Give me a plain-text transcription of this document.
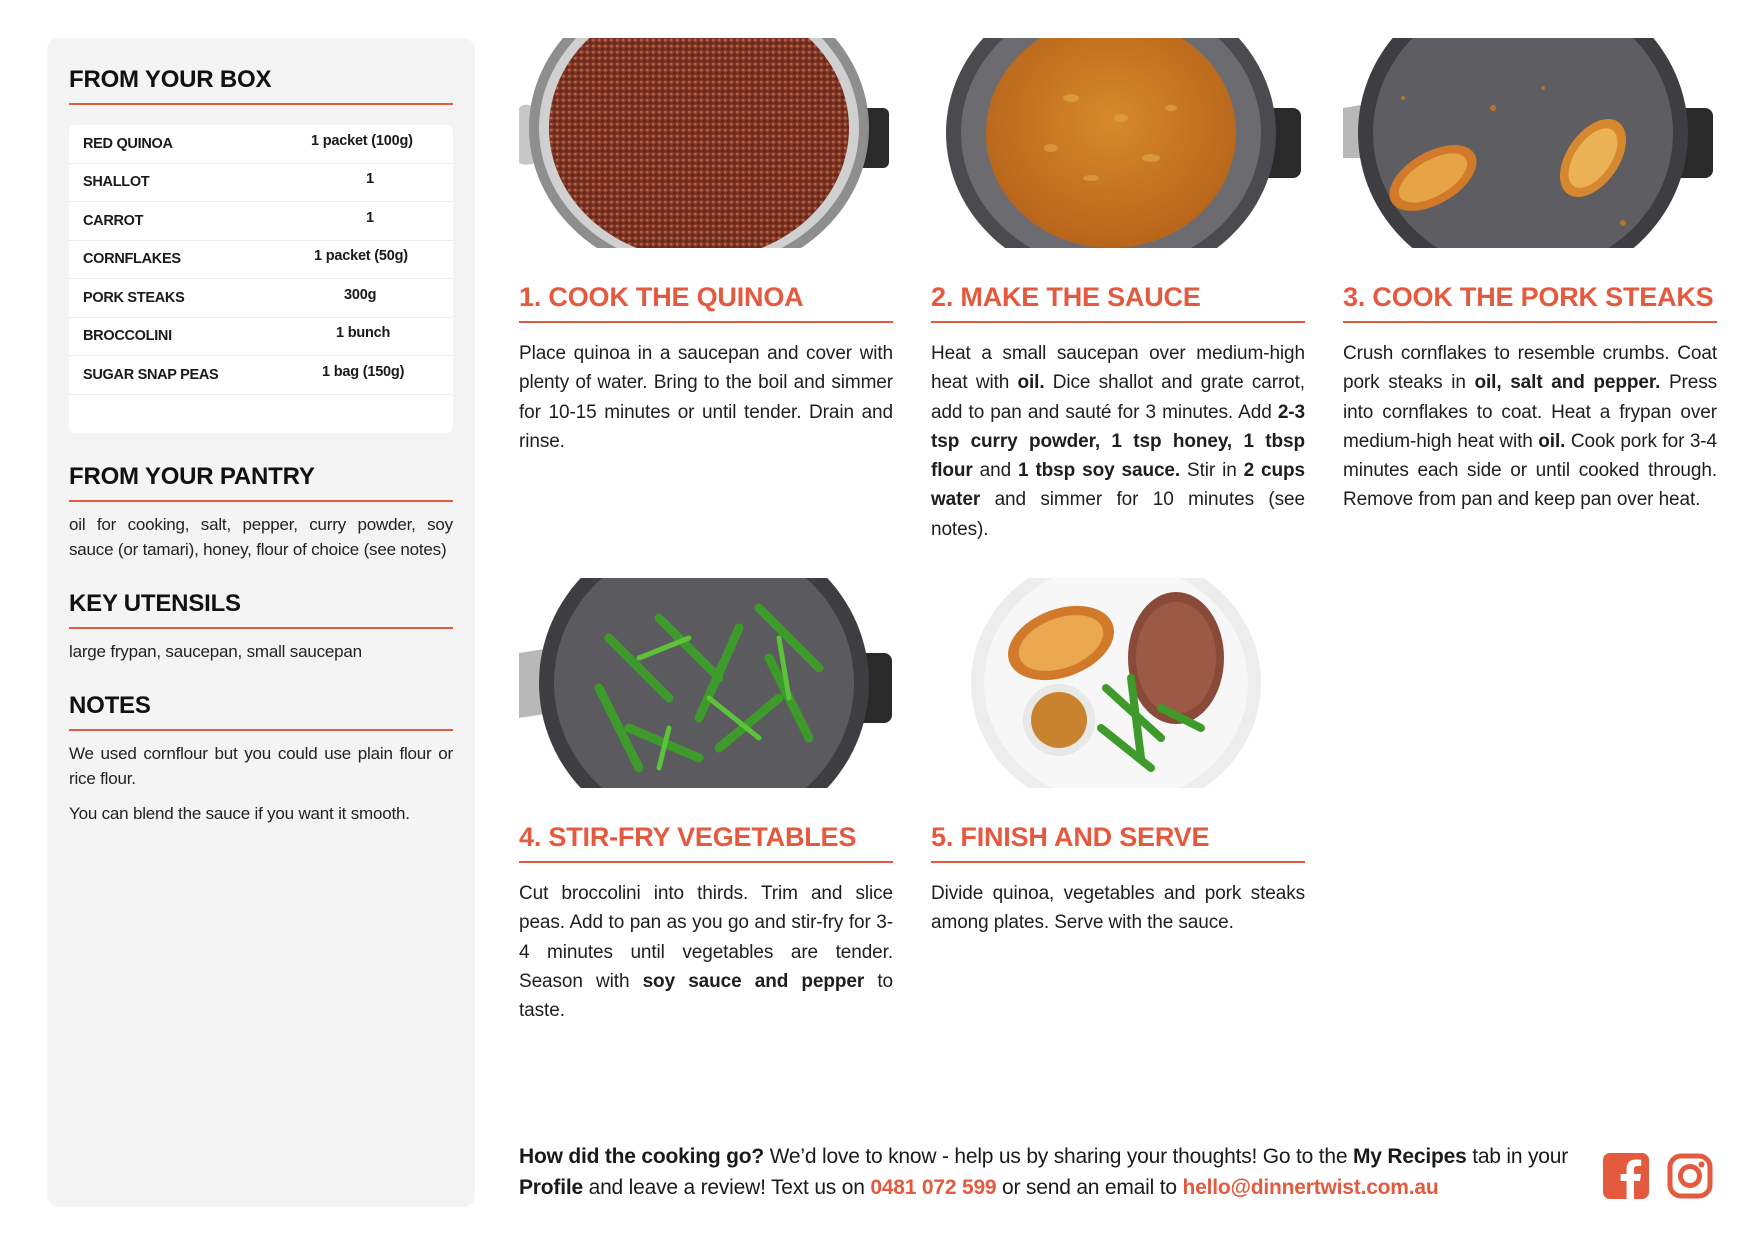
FROM YOUR BOX
RED QUINOA	1 packet (100g)
SHALLOT	1
CARROT	1
CORNFLAKES	1 packet (50g)
PORK STEAKS	300g
BROCCOLINI	1 bunch
SUGAR SNAP PEAS	1 bag (150g)
FROM YOUR PANTRY
oil for cooking, salt, pepper, curry powder, soy sauce (or tamari), honey, flour of choice (see notes)
KEY UTENSILS
large frypan, saucepan, small saucepan
NOTES

We used cornflour but you could use plain flour or rice flour.

You can blend the sauce if you want it smooth.

1. COOK THE QUINOA
Place quinoa in a saucepan and cover with plenty of water. Bring to the boil and simmer for 10-15 minutes or until tender. Drain and rinse.
2. MAKE THE SAUCE
Heat a small saucepan over medium-high heat with oil. Dice shallot and grate carrot, add to pan and sauté for 3 minutes. Add 2-3 tsp curry powder, 1 tsp honey, 1 tbsp flour and 1 tbsp soy sauce. Stir in 2 cups water and simmer for 10 minutes (see notes).
3. COOK THE PORK STEAKS
Crush cornflakes to resemble crumbs. Coat pork steaks in oil, salt and pepper. Press into cornflakes to coat. Heat a frypan over medium-high heat with oil. Cook pork for 3-4 minutes each side or until cooked through. Remove from pan and keep pan over heat.
4. STIR-FRY VEGETABLES
Cut broccolini into thirds. Trim and slice peas. Add to pan as you go and stir-fry for 3-4 minutes until vegetables are tender. Season with soy sauce and pepper to taste.
5. FINISH AND SERVE
Divide quinoa, vegetables and pork steaks among plates. Serve with the sauce.
How did the cooking go? We’d love to know - help us by sharing your thoughts! Go to the My Recipes tab in your Profile and leave a review! Text us on 0481 072 599 or send an email to hello@dinnertwist.com.au
